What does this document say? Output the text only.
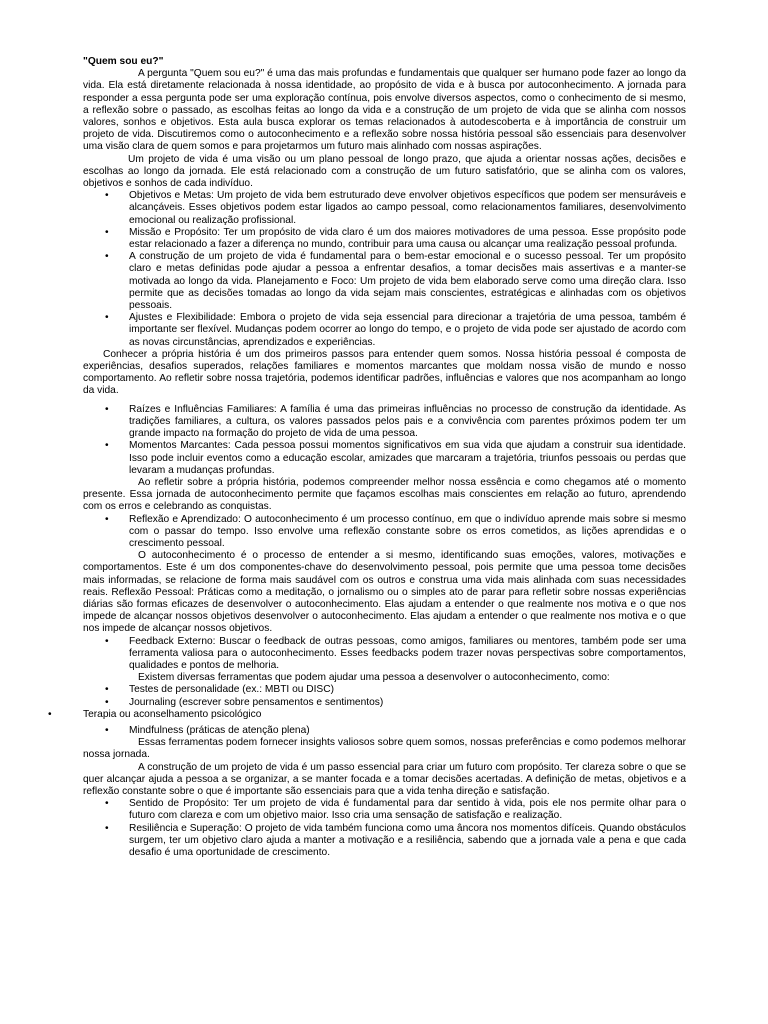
"Quem sou eu?"

A pergunta "Quem sou eu?" é uma das mais profundas e fundamentais que qualquer ser humano pode fazer ao longo da vida. Ela está diretamente relacionada à nossa identidade, ao propósito de vida e à busca por autoconhecimento. A jornada para responder a essa pergunta pode ser uma exploração contínua, pois envolve diversos aspectos, como o conhecimento de si mesmo, a reflexão sobre o passado, as escolhas feitas ao longo da vida e a construção de um projeto de vida que se alinha com nossos valores, sonhos e objetivos. Esta aula busca explorar os temas relacionados à autodescoberta e à importância de construir um projeto de vida. Discutiremos como o autoconhecimento e a reflexão sobre nossa história pessoal são essenciais para desenvolver uma visão clara de quem somos e para projetarmos um futuro mais alinhado com nossas aspirações.

Um projeto de vida é uma visão ou um plano pessoal de longo prazo, que ajuda a orientar nossas ações, decisões e escolhas ao longo da jornada. Ele está relacionado com a construção de um futuro satisfatório, que se alinha com os valores, objetivos e sonhos de cada indivíduo.

• Objetivos e Metas: Um projeto de vida bem estruturado deve envolver objetivos específicos que podem ser mensuráveis e alcançáveis. Esses objetivos podem estar ligados ao campo pessoal, como relacionamentos familiares, desenvolvimento emocional ou realização profissional.
• Missão e Propósito: Ter um propósito de vida claro é um dos maiores motivadores de uma pessoa. Esse propósito pode estar relacionado a fazer a diferença no mundo, contribuir para uma causa ou alcançar uma realização pessoal profunda.
• A construção de um projeto de vida é fundamental para o bem-estar emocional e o sucesso pessoal. Ter um propósito claro e metas definidas pode ajudar a pessoa a enfrentar desafios, a tomar decisões mais assertivas e a manter-se motivada ao longo da vida. Planejamento e Foco: Um projeto de vida bem elaborado serve como uma direção clara. Isso permite que as decisões tomadas ao longo da vida sejam mais conscientes, estratégicas e alinhadas com os objetivos pessoais.
• Ajustes e Flexibilidade: Embora o projeto de vida seja essencial para direcionar a trajetória de uma pessoa, também é importante ser flexível. Mudanças podem ocorrer ao longo do tempo, e o projeto de vida pode ser ajustado de acordo com as novas circunstâncias, aprendizados e experiências.

Conhecer a própria história é um dos primeiros passos para entender quem somos. Nossa história pessoal é composta de experiências, desafios superados, relações familiares e momentos marcantes que moldam nossa visão de mundo e nosso comportamento. Ao refletir sobre nossa trajetória, podemos identificar padrões, influências e valores que nos acompanham ao longo da vida.

• Raízes e Influências Familiares: A família é uma das primeiras influências no processo de construção da identidade. As tradições familiares, a cultura, os valores passados pelos pais e a convivência com parentes próximos podem ter um grande impacto na formação do projeto de vida de uma pessoa.
• Momentos Marcantes: Cada pessoa possui momentos significativos em sua vida que ajudam a construir sua identidade. Isso pode incluir eventos como a educação escolar, amizades que marcaram a trajetória, triunfos pessoais ou perdas que levaram a mudanças profundas.

Ao refletir sobre a própria história, podemos compreender melhor nossa essência e como chegamos até o momento presente. Essa jornada de autoconhecimento permite que façamos escolhas mais conscientes em relação ao futuro, aprendendo com os erros e celebrando as conquistas.

• Reflexão e Aprendizado: O autoconhecimento é um processo contínuo, em que o indivíduo aprende mais sobre si mesmo com o passar do tempo. Isso envolve uma reflexão constante sobre os erros cometidos, as lições aprendidas e o crescimento pessoal.

O autoconhecimento é o processo de entender a si mesmo, identificando suas emoções, valores, motivações e comportamentos. Este é um dos componentes-chave do desenvolvimento pessoal, pois permite que uma pessoa tome decisões mais informadas, se relacione de forma mais saudável com os outros e construa uma vida mais alinhada com suas necessidades reais. Reflexão Pessoal: Práticas como a meditação, o jornalismo ou o simples ato de parar para refletir sobre nossas experiências diárias são formas eficazes de desenvolver o autoconhecimento. Elas ajudam a entender o que realmente nos motiva e o que nos impede de alcançar nossos objetivos desenvolver o autoconhecimento. Elas ajudam a entender o que realmente nos motiva e o que nos impede de alcançar nossos objetivos.

• Feedback Externo: Buscar o feedback de outras pessoas, como amigos, familiares ou mentores, também pode ser uma ferramenta valiosa para o autoconhecimento. Esses feedbacks podem trazer novas perspectivas sobre comportamentos, qualidades e pontos de melhoria.

Existem diversas ferramentas que podem ajudar uma pessoa a desenvolver o autoconhecimento, como:

• Testes de personalidade (ex.: MBTI ou DISC)
• Journaling (escrever sobre pensamentos e sentimentos)
• Terapia ou aconselhamento psicológico
• Mindfulness (práticas de atenção plena)

Essas ferramentas podem fornecer insights valiosos sobre quem somos, nossas preferências e como podemos melhorar nossa jornada.

A construção de um projeto de vida é um passo essencial para criar um futuro com propósito. Ter clareza sobre o que se quer alcançar ajuda a pessoa a se organizar, a se manter focada e a tomar decisões acertadas. A definição de metas, objetivos e a reflexão constante sobre o que é importante são essenciais para que a vida tenha direção e satisfação.

• Sentido de Propósito: Ter um projeto de vida é fundamental para dar sentido à vida, pois ele nos permite olhar para o futuro com clareza e com um objetivo maior. Isso cria uma sensação de satisfação e realização.
• Resiliência e Superação: O projeto de vida também funciona como uma âncora nos momentos difíceis. Quando obstáculos surgem, ter um objetivo claro ajuda a manter a motivação e a resiliência, sabendo que a jornada vale a pena e que cada desafio é uma oportunidade de crescimento.
